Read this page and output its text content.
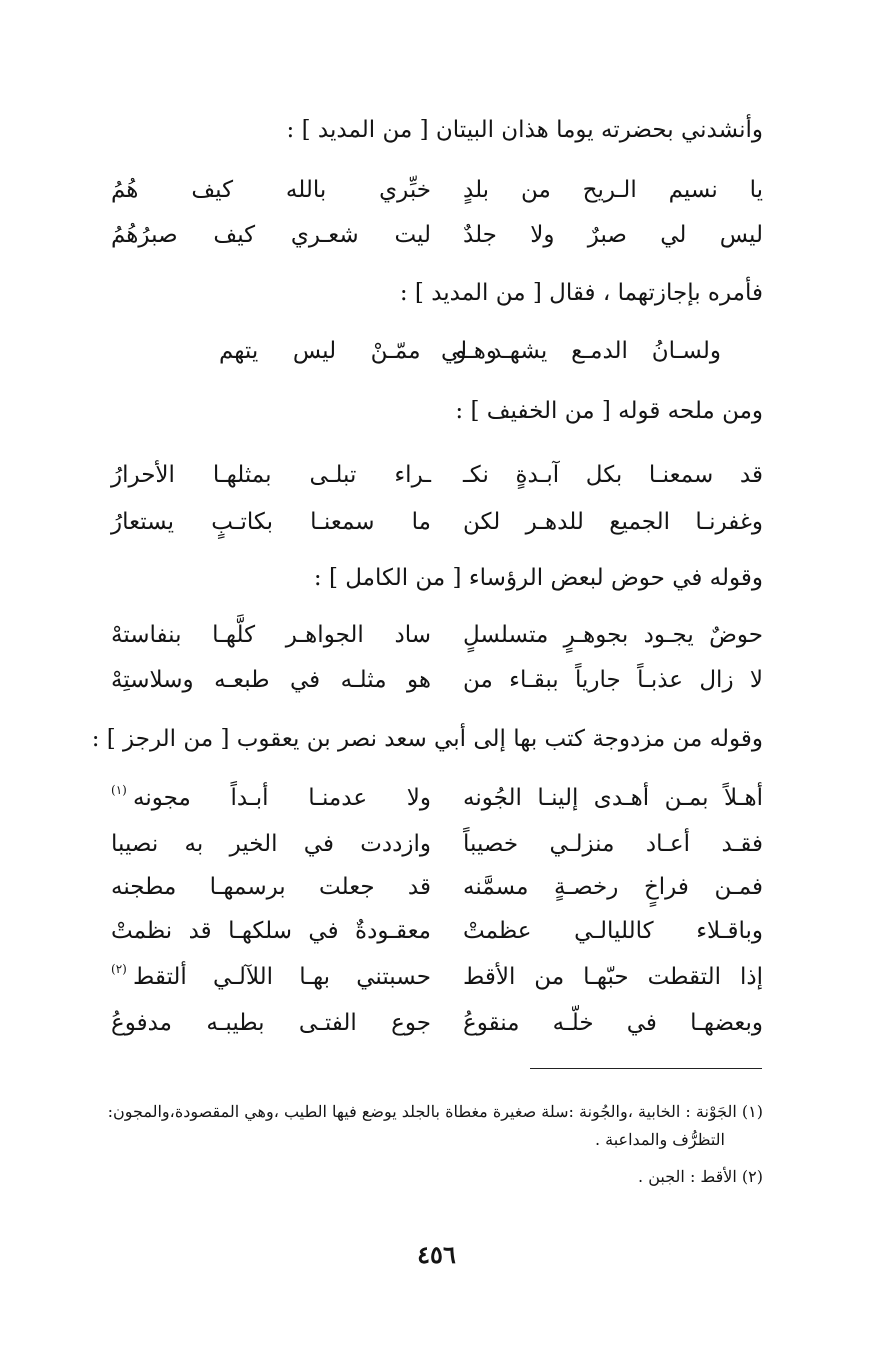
وأنشدني بحضرته يوما هذان البيتان [ من المديد ] :
يا نسيم الـريح من بلدٍ
خبِّري بالله كيف هُمُ
ليس لي صبرٌ ولا جلدٌ
ليت شعـري كيف صبرُهُمُ
فأمره بإجازتهما ، فقال [ من المديد ] :
ولسـانُ الدمـع يشهـد لي
وهـو ممّـنْ ليس يتهم
ومن ملحه قوله [ من الخفيف ] :
قد سمعنـا بكل آبـدةٍ نكـ
ـراء تبلـى بمثلهـا الأحرارُ
وغفرنـا الجميع للدهـر لكن
ما سمعنـا بكاتـبٍ يستعارُ
وقوله في حوض لبعض الرؤساء [ من الكامل ] :
حوضٌ يجـود بجوهـرٍ متسلسلٍ
ساد الجواهـر كلَّهـا بنفاستهْ
لا زال عذبـاً جارياً ببقـاء من
هو مثلـه في طبعـه وسلاستِهْ
وقوله من مزدوجة كتب بها إلى أبي سعد نصر بن يعقوب [ من الرجز ] :
أهـلاً بمـن أهـدى إلينـا الجُونه
ولا عدمنـا أبـداً مجونه
(١)
فقـد أعـاد منزلـي خصيباً
وازددت في الخير به نصيبا
فمـن فراخٍ رخصـةٍ مسمَّنه
قد جعلت برسمهـا مطجنه
وباقـلاء كالليالـي عظمتْ
معقـودةٌ في سلكهـا قد نظمتْ
إذا التقطت حبّهـا من الأقط
حسبتني بهـا اللآلـي ألتقط
(٢)
وبعضهـا في خلّـه منقوعُ
جوع الفتـى بطيبـه مدفوعُ
(١) الجَوْنة : الخابية ،والجُونة :سلة صغيرة مغطاة بالجلد يوضع فيها الطيب ،وهي المقصودة،والمجون:
التظرُّف والمداعبة .
(٢) الأقط : الجبن .
٤٥٦
